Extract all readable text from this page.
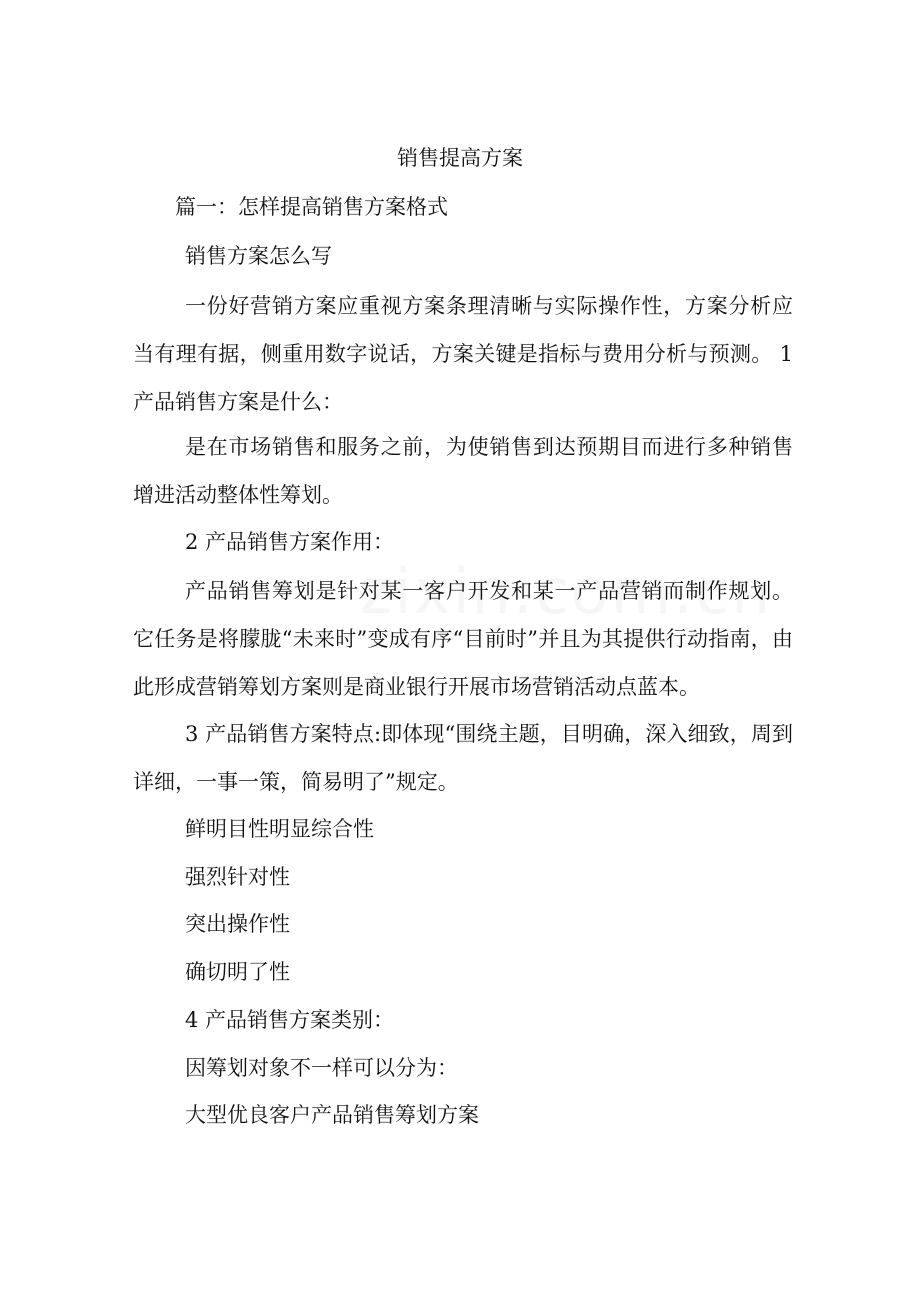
销售提高方案
篇一：怎样提高销售方案格式
销售方案怎么写

一份好营销方案应重视方案条理清晰与实际操作性，方案分析应当有理有据，侧重用数字说话，方案关键是指标与费用分析与预测。 1 产品销售方案是什么：

是在市场销售和服务之前，为使销售到达预期目而进行多种销售增进活动整体性筹划。

2 产品销售方案作用：

产品销售筹划是针对某一客户开发和某一产品营销而制作规划。它任务是将朦胧“未来时”变成有序“目前时”并且为其提供行动指南，由此形成营销筹划方案则是商业银行开展市场营销活动点蓝本。

3 产品销售方案特点:即体现“围绕主题，目明确，深入细致，周到详细，一事一策，简易明了”规定。

鲜明目性明显综合性
强烈针对性
突出操作性
确切明了性
4 产品销售方案类别：
因筹划对象不一样可以分为：
大型优良客户产品销售筹划方案
